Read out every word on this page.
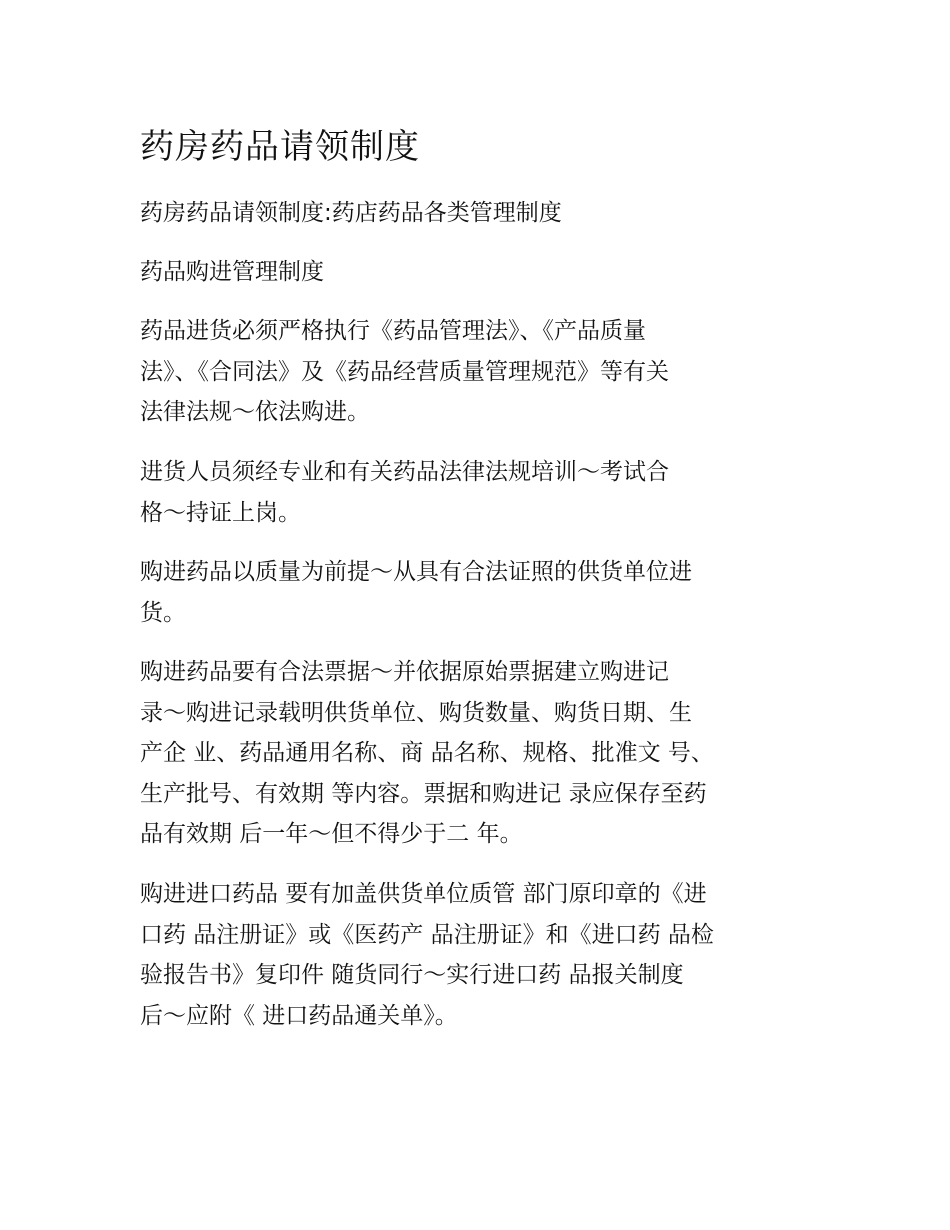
药房药品请领制度

药房药品请领制度:药店药品各类管理制度

药品购进管理制度

药品进货必须严格执行《药品管理法》、《产品质量
法》、《合同法》及《药品经营质量管理规范》等有关
法律法规～依法购进。

进货人员须经专业和有关药品法律法规培训～考试合
格～持证上岗。

购进药品以质量为前提～从具有合法证照的供货单位进
货。

购进药品要有合法票据～并依据原始票据建立购进记
录～购进记录载明供货单位、购货数量、购货日期、生
产企 业、药品通用名称、商 品名称、规格、批准文 号、
生产批号、有效期 等内容。票据和购进记 录应保存至药
品有效期 后一年～但不得少于二 年。

购进进口药品 要有加盖供货单位质管 部门原印章的《进
口药 品注册证》或《医药产 品注册证》和《进口药 品检
验报告书》复印件 随货同行～实行进口药 品报关制度
后～应附《 进口药品通关单》。
